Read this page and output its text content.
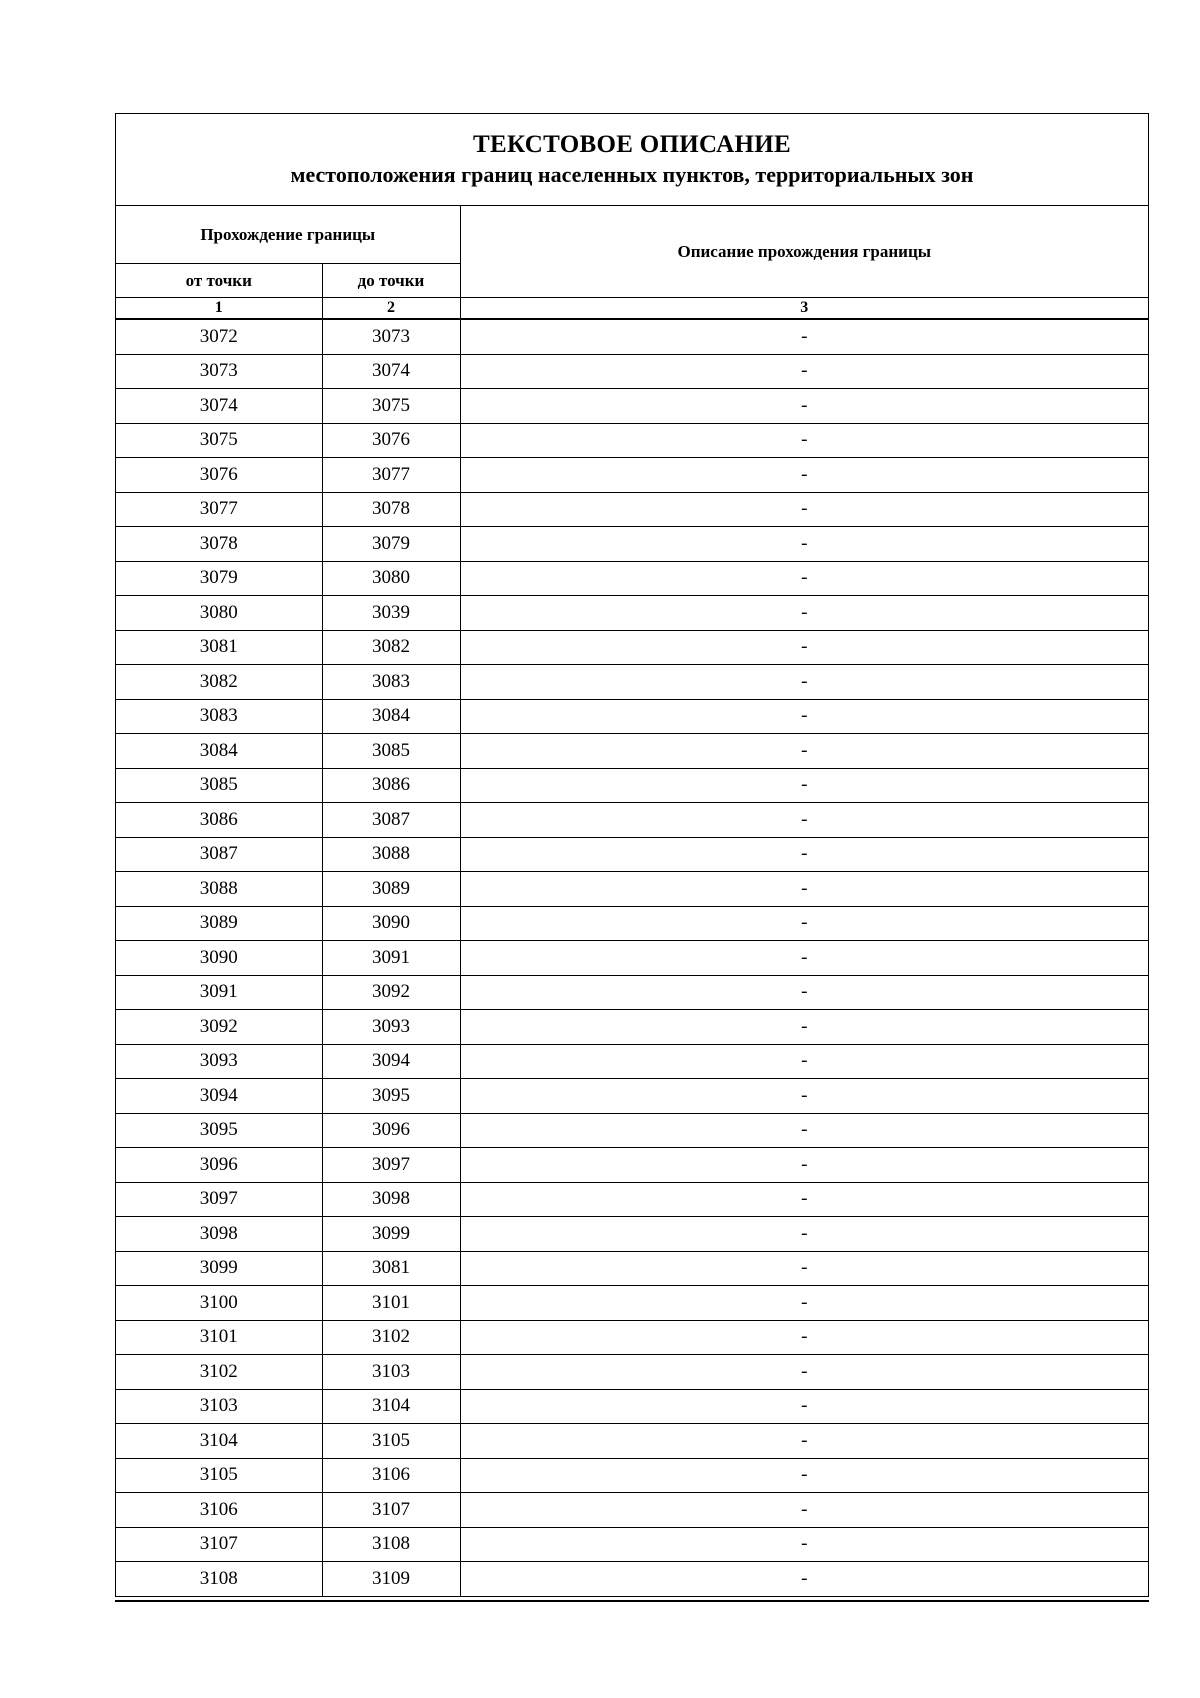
ТЕКСТОВОЕ ОПИСАНИЕ
местоположения границ населенных пунктов, территориальных зон
Прохождение границы		Описание прохождения границы
от точки	до точки	
1	2	3
3072	3073	-
3073	3074	-
3074	3075	-
3075	3076	-
3076	3077	-
3077	3078	-
3078	3079	-
3079	3080	-
3080	3039	-
3081	3082	-
3082	3083	-
3083	3084	-
3084	3085	-
3085	3086	-
3086	3087	-
3087	3088	-
3088	3089	-
3089	3090	-
3090	3091	-
3091	3092	-
3092	3093	-
3093	3094	-
3094	3095	-
3095	3096	-
3096	3097	-
3097	3098	-
3098	3099	-
3099	3081	-
3100	3101	-
3101	3102	-
3102	3103	-
3103	3104	-
3104	3105	-
3105	3106	-
3106	3107	-
3107	3108	-
3108	3109	-
